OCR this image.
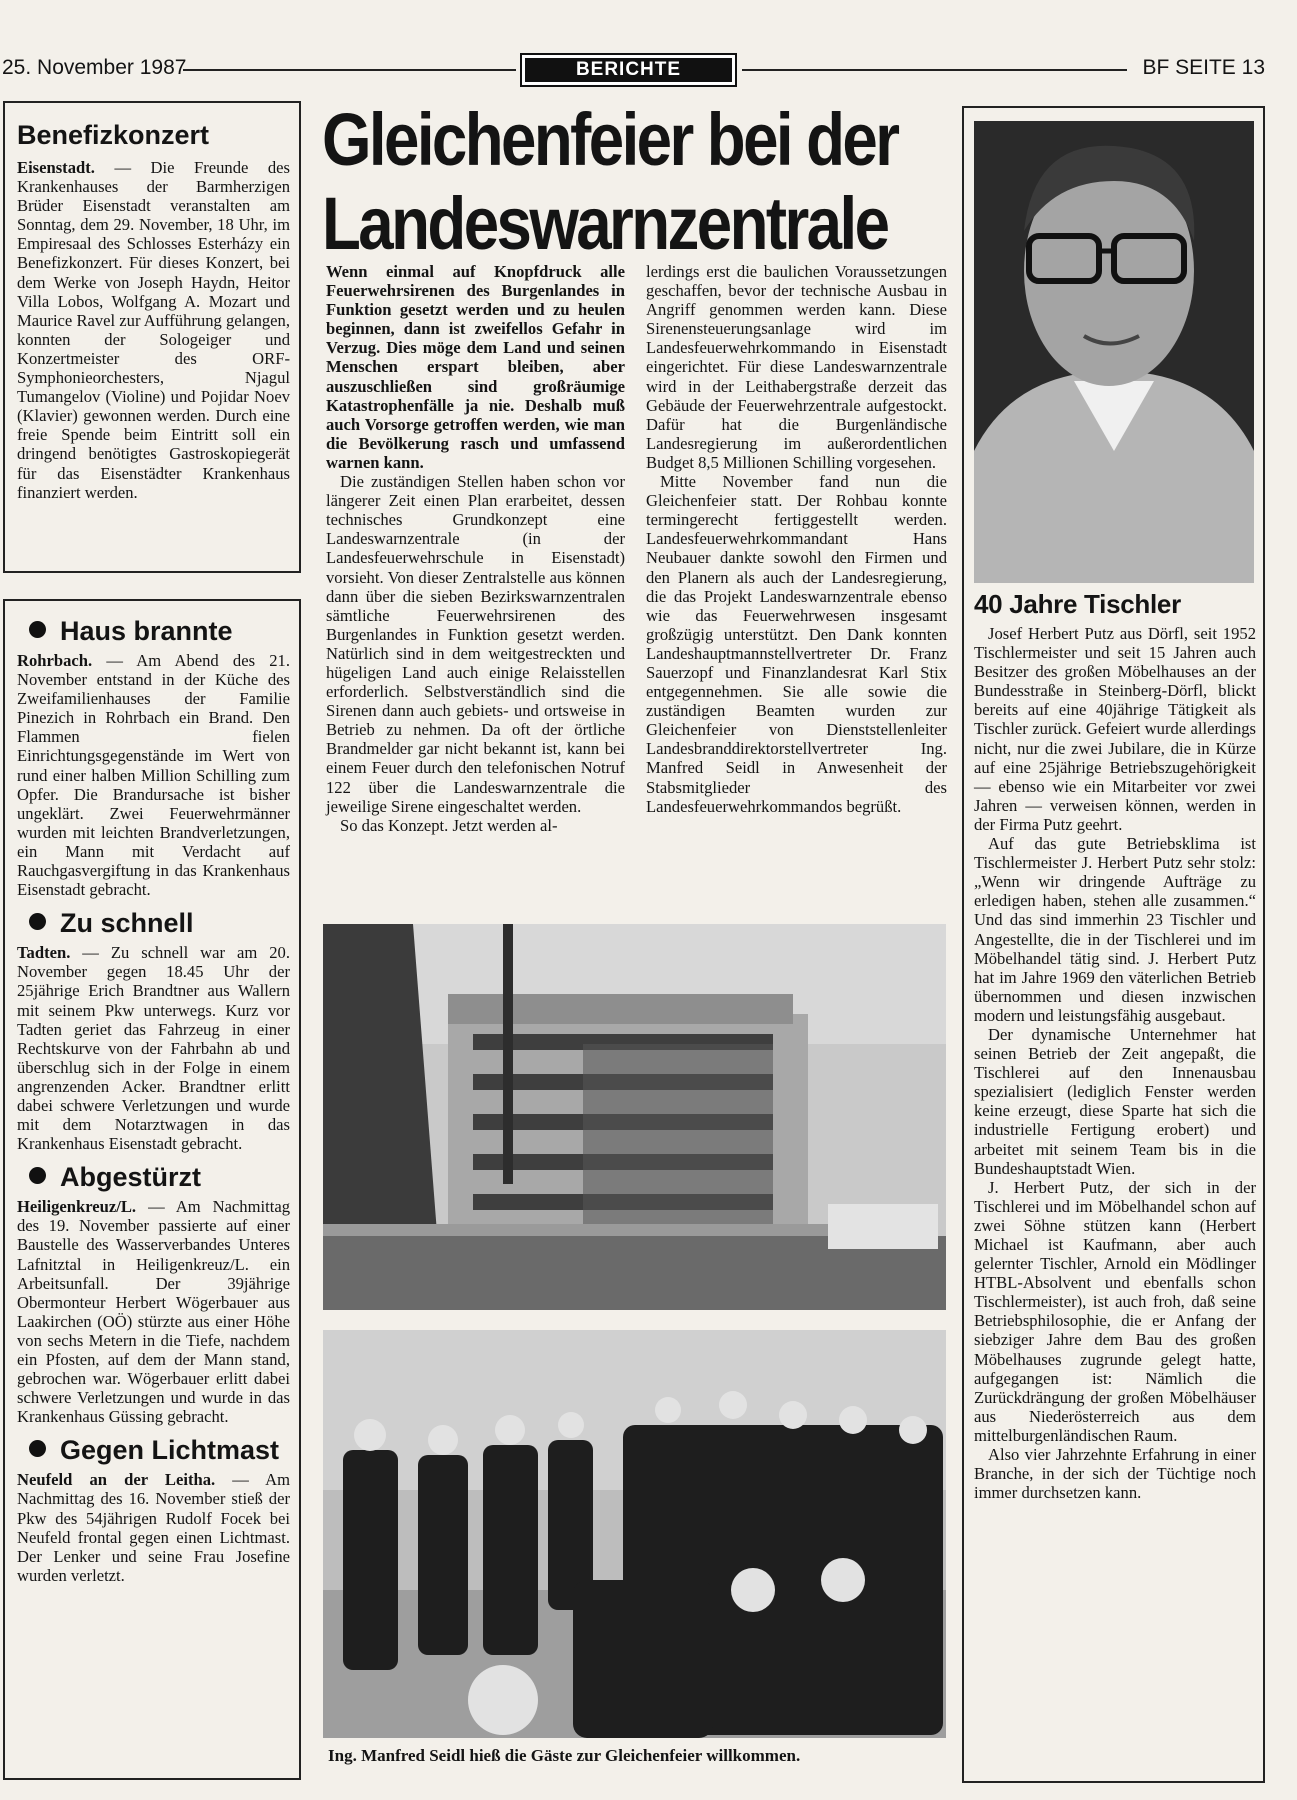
25. November 1987	BERICHTE	BF SEITE 13
Benefizkonzert

Eisenstadt. — Die Freunde des Krankenhauses der Barmherzigen Brüder Eisenstadt veranstalten am Sonntag, dem 29. November, 18 Uhr, im Empiresaal des Schlosses Esterházy ein Benefizkonzert. Für dieses Konzert, bei dem Werke von Joseph Haydn, Heitor Villa Lobos, Wolfgang A. Mozart und Maurice Ravel zur Aufführung gelangen, konnten der Sologeiger und Konzertmeister des ORF-Symphonieorchesters, Njagul Tumangelov (Violine) und Pojidar Noev (Klavier) gewonnen werden. Durch eine freie Spende beim Eintritt soll ein dringend benötigtes Gastroskopiegerät für das Eisenstädter Krankenhaus finanziert werden.

Haus brannte

Rohrbach. — Am Abend des 21. November entstand in der Küche des Zweifamilienhauses der Familie Pinezich in Rohrbach ein Brand. Den Flammen fielen Einrichtungsgegenstände im Wert von rund einer halben Million Schilling zum Opfer. Die Brandursache ist bisher ungeklärt. Zwei Feuerwehrmänner wurden mit leichten Brandverletzungen, ein Mann mit Verdacht auf Rauchgasvergiftung in das Krankenhaus Eisenstadt gebracht.

Zu schnell

Tadten. — Zu schnell war am 20. November gegen 18.45 Uhr der 25jährige Erich Brandtner aus Wallern mit seinem Pkw unterwegs. Kurz vor Tadten geriet das Fahrzeug in einer Rechtskurve von der Fahrbahn ab und überschlug sich in der Folge in einem angrenzenden Acker. Brandtner erlitt dabei schwere Verletzungen und wurde mit dem Notarztwagen in das Krankenhaus Eisenstadt gebracht.

Abgestürzt

Heiligenkreuz/L. — Am Nachmittag des 19. November passierte auf einer Baustelle des Wasserverbandes Unteres Lafnitztal in Heiligenkreuz/L. ein Arbeitsunfall. Der 39jährige Obermonteur Herbert Wögerbauer aus Laakirchen (OÖ) stürzte aus einer Höhe von sechs Metern in die Tiefe, nachdem ein Pfosten, auf dem der Mann stand, gebrochen war. Wögerbauer erlitt dabei schwere Verletzungen und wurde in das Krankenhaus Güssing gebracht.

Gegen Lichtmast

Neufeld an der Leitha. — Am Nachmittag des 16. November stieß der Pkw des 54jährigen Rudolf Focek bei Neufeld frontal gegen einen Lichtmast. Der Lenker und seine Frau Josefine wurden verletzt.

Gleichenfeier bei der
Landeswarnzentrale

Wenn einmal auf Knopfdruck alle Feuerwehrsirenen des Burgenlandes in Funktion gesetzt werden und zu heulen beginnen, dann ist zweifellos Gefahr in Verzug. Dies möge dem Land und seinen Menschen erspart bleiben, aber auszuschließen sind großräumige Katastrophenfälle ja nie. Deshalb muß auch Vorsorge getroffen werden, wie man die Bevölkerung rasch und umfassend warnen kann.

Die zuständigen Stellen haben schon vor längerer Zeit einen Plan erarbeitet, dessen technisches Grundkonzept eine Landeswarnzentrale (in der Landesfeuerwehrschule in Eisenstadt) vorsieht. Von dieser Zentralstelle aus können dann über die sieben Bezirkswarnzentralen sämtliche Feuerwehrsirenen des Burgenlandes in Funktion gesetzt werden. Natürlich sind in dem weitgestreckten und hügeligen Land auch einige Relaisstellen erforderlich. Selbstverständlich sind die Sirenen dann auch gebiets- und ortsweise in Betrieb zu nehmen. Da oft der örtliche Brandmelder gar nicht bekannt ist, kann bei einem Feuer durch den telefonischen Notruf 122 über die Landeswarnzentrale die jeweilige Sirene eingeschaltet werden.

So das Konzept. Jetzt werden al-

lerdings erst die baulichen Voraussetzungen geschaffen, bevor der technische Ausbau in Angriff genommen werden kann. Diese Sirenensteuerungsanlage wird im Landesfeuerwehrkommando in Eisenstadt eingerichtet. Für diese Landeswarnzentrale wird in der Leithabergstraße derzeit das Gebäude der Feuerwehrzentrale aufgestockt. Dafür hat die Burgenländische Landesregierung im außerordentlichen Budget 8,5 Millionen Schilling vorgesehen.

Mitte November fand nun die Gleichenfeier statt. Der Rohbau konnte termingerecht fertiggestellt werden. Landesfeuerwehrkommandant Hans Neubauer dankte sowohl den Firmen und den Planern als auch der Landesregierung, die das Projekt Landeswarnzentrale ebenso wie das Feuerwehrwesen insgesamt großzügig unterstützt. Den Dank konnten Landeshauptmannstellvertreter Dr. Franz Sauerzopf und Finanzlandesrat Karl Stix entgegennehmen. Sie alle sowie die zuständigen Beamten wurden zur Gleichenfeier von Dienststellenleiter Landesbranddirektorstellvertreter Ing. Manfred Seidl in Anwesenheit der Stabsmitglieder des Landesfeuerwehrkommandos begrüßt.

Ing. Manfred Seidl hieß die Gäste zur Gleichenfeier willkommen.
40 Jahre Tischler

Josef Herbert Putz aus Dörfl, seit 1952 Tischlermeister und seit 15 Jahren auch Besitzer des großen Möbelhauses an der Bundesstraße in Steinberg-Dörfl, blickt bereits auf eine 40jährige Tätigkeit als Tischler zurück. Gefeiert wurde allerdings nicht, nur die zwei Jubilare, die in Kürze auf eine 25jährige Betriebszugehörigkeit — ebenso wie ein Mitarbeiter vor zwei Jahren — verweisen können, werden in der Firma Putz geehrt.

Auf das gute Betriebsklima ist Tischlermeister J. Herbert Putz sehr stolz: „Wenn wir dringende Aufträge zu erledigen haben, stehen alle zusammen.“ Und das sind immerhin 23 Tischler und Angestellte, die in der Tischlerei und im Möbelhandel tätig sind. J. Herbert Putz hat im Jahre 1969 den väterlichen Betrieb übernommen und diesen inzwischen modern und leistungsfähig ausgebaut.

Der dynamische Unternehmer hat seinen Betrieb der Zeit angepaßt, die Tischlerei auf den Innenausbau spezialisiert (lediglich Fenster werden keine erzeugt, diese Sparte hat sich die industrielle Fertigung erobert) und arbeitet mit seinem Team bis in die Bundeshauptstadt Wien.

J. Herbert Putz, der sich in der Tischlerei und im Möbelhandel schon auf zwei Söhne stützen kann (Herbert Michael ist Kaufmann, aber auch gelernter Tischler, Arnold ein Mödlinger HTBL-Absolvent und ebenfalls schon Tischlermeister), ist auch froh, daß seine Betriebsphilosophie, die er Anfang der siebziger Jahre dem Bau des großen Möbelhauses zugrunde gelegt hatte, aufgegangen ist: Nämlich die Zurückdrängung der großen Möbelhäuser aus Niederösterreich aus dem mittelburgenländischen Raum.

Also vier Jahrzehnte Erfahrung in einer Branche, in der sich der Tüchtige noch immer durchsetzen kann.
